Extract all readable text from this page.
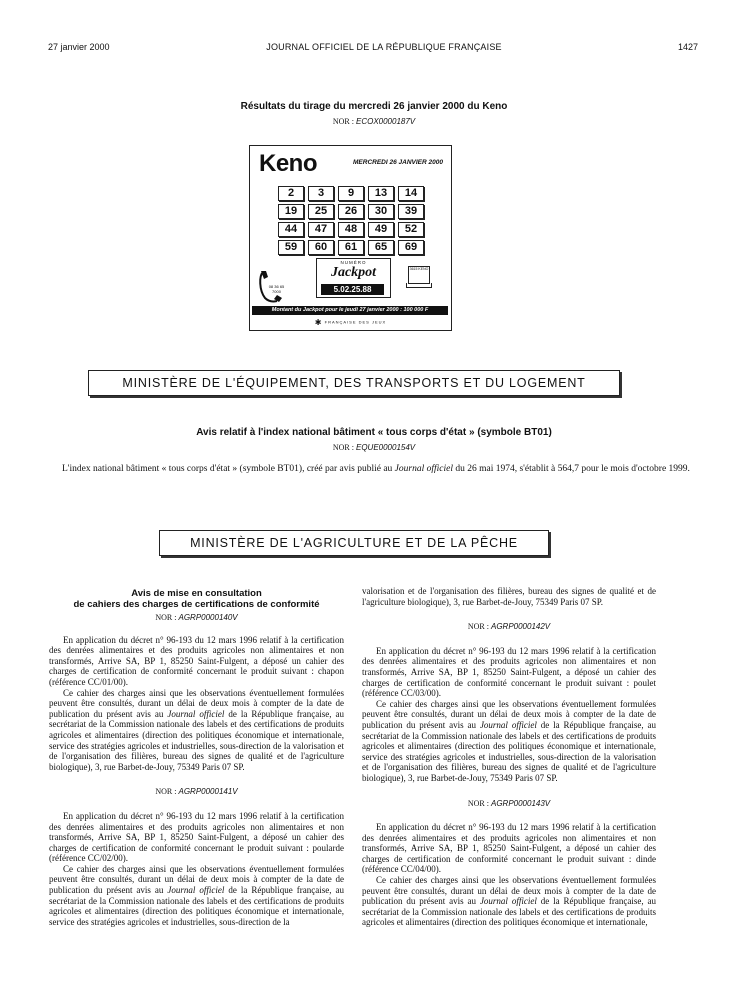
27 janvier 2000	JOURNAL OFFICIEL DE LA RÉPUBLIQUE FRANÇAISE	1427
Résultats du tirage du mercredi 26 janvier 2000 du Keno
NOR : ECOX0000187V
Keno	MERCREDI 26 JANVIER 2000
2	3	9	13	14
19	25	26	30	39
44	47	48	49	52
59	60	61	65	69
08 36 65 7000
NUMÉRO
Jackpot
5.02.25.88
3615 KENO
Montant du Jackpot pour le jeudi 27 janvier 2000 : 100 000 F
✱ FRANÇAISE DES JEUX
MINISTÈRE DE L'ÉQUIPEMENT, DES TRANSPORTS ET DU LOGEMENT
Avis relatif à l'index national bâtiment « tous corps d'état » (symbole BT01)
NOR : EQUE0000154V

L'index national bâtiment « tous corps d'état » (symbole BT01), créé par avis publié au Journal officiel du 26 mai 1974, s'établit à 564,7 pour le mois d'octobre 1999.

MINISTÈRE DE L'AGRICULTURE ET DE LA PÊCHE
Avis de mise en consultation
de cahiers des charges de certifications de conformité
NOR : AGRP0000140V

En application du décret n° 96-193 du 12 mars 1996 relatif à la certification des denrées alimentaires et des produits agricoles non alimentaires et non transformés, Arrive SA, BP 1, 85250 Saint-Fulgent, a déposé un cahier des charges de certification de conformité concernant le produit suivant : chapon (référence CC/01/00).

Ce cahier des charges ainsi que les observations éventuellement formulées peuvent être consultés, durant un délai de deux mois à compter de la date de publication du présent avis au Journal officiel de la République française, au secrétariat de la Commission nationale des labels et des certifications de produits agricoles et alimentaires (direction des politiques économique et internationale, service des stratégies agricoles et industrielles, sous-direction de la valorisation et de l'organisation des filières, bureau des signes de qualité et de l'agriculture biologique), 3, rue Barbet-de-Jouy, 75349 Paris 07 SP.

NOR : AGRP0000141V

En application du décret n° 96-193 du 12 mars 1996 relatif à la certification des denrées alimentaires et des produits agricoles non alimentaires et non transformés, Arrive SA, BP 1, 85250 Saint-Fulgent, a déposé un cahier des charges de certification de conformité concernant le produit suivant : poularde (référence CC/02/00).

Ce cahier des charges ainsi que les observations éventuellement formulées peuvent être consultés, durant un délai de deux mois à compter de la date de publication du présent avis au Journal officiel de la République française, au secrétariat de la Commission nationale des labels et des certifications de produits agricoles et alimentaires (direction des politiques économique et internationale, service des stratégies agricoles et industrielles, sous-direction de la

valorisation et de l'organisation des filières, bureau des signes de qualité et de l'agriculture biologique), 3, rue Barbet-de-Jouy, 75349 Paris 07 SP.

NOR : AGRP0000142V

En application du décret n° 96-193 du 12 mars 1996 relatif à la certification des denrées alimentaires et des produits agricoles non alimentaires et non transformés, Arrive SA, BP 1, 85250 Saint-Fulgent, a déposé un cahier des charges de certification de conformité concernant le produit suivant : poulet (référence CC/03/00).

Ce cahier des charges ainsi que les observations éventuellement formulées peuvent être consultés, durant un délai de deux mois à compter de la date de publication du présent avis au Journal officiel de la République française, au secrétariat de la Commission nationale des labels et des certifications de produits agricoles et alimentaires (direction des politiques économique et internationale, service des stratégies agricoles et industrielles, sous-direction de la valorisation et de l'organisation des filières, bureau des signes de qualité et de l'agriculture biologique), 3, rue Barbet-de-Jouy, 75349 Paris 07 SP.

NOR : AGRP0000143V

En application du décret n° 96-193 du 12 mars 1996 relatif à la certification des denrées alimentaires et des produits agricoles non alimentaires et non transformés, Arrive SA, BP 1, 85250 Saint-Fulgent, a déposé un cahier des charges de certification de conformité concernant le produit suivant : dinde (référence CC/04/00).

Ce cahier des charges ainsi que les observations éventuellement formulées peuvent être consultés, durant un délai de deux mois à compter de la date de publication du présent avis au Journal officiel de la République française, au secrétariat de la Commission nationale des labels et des certifications de produits agricoles et alimentaires (direction des politiques économique et internationale,
